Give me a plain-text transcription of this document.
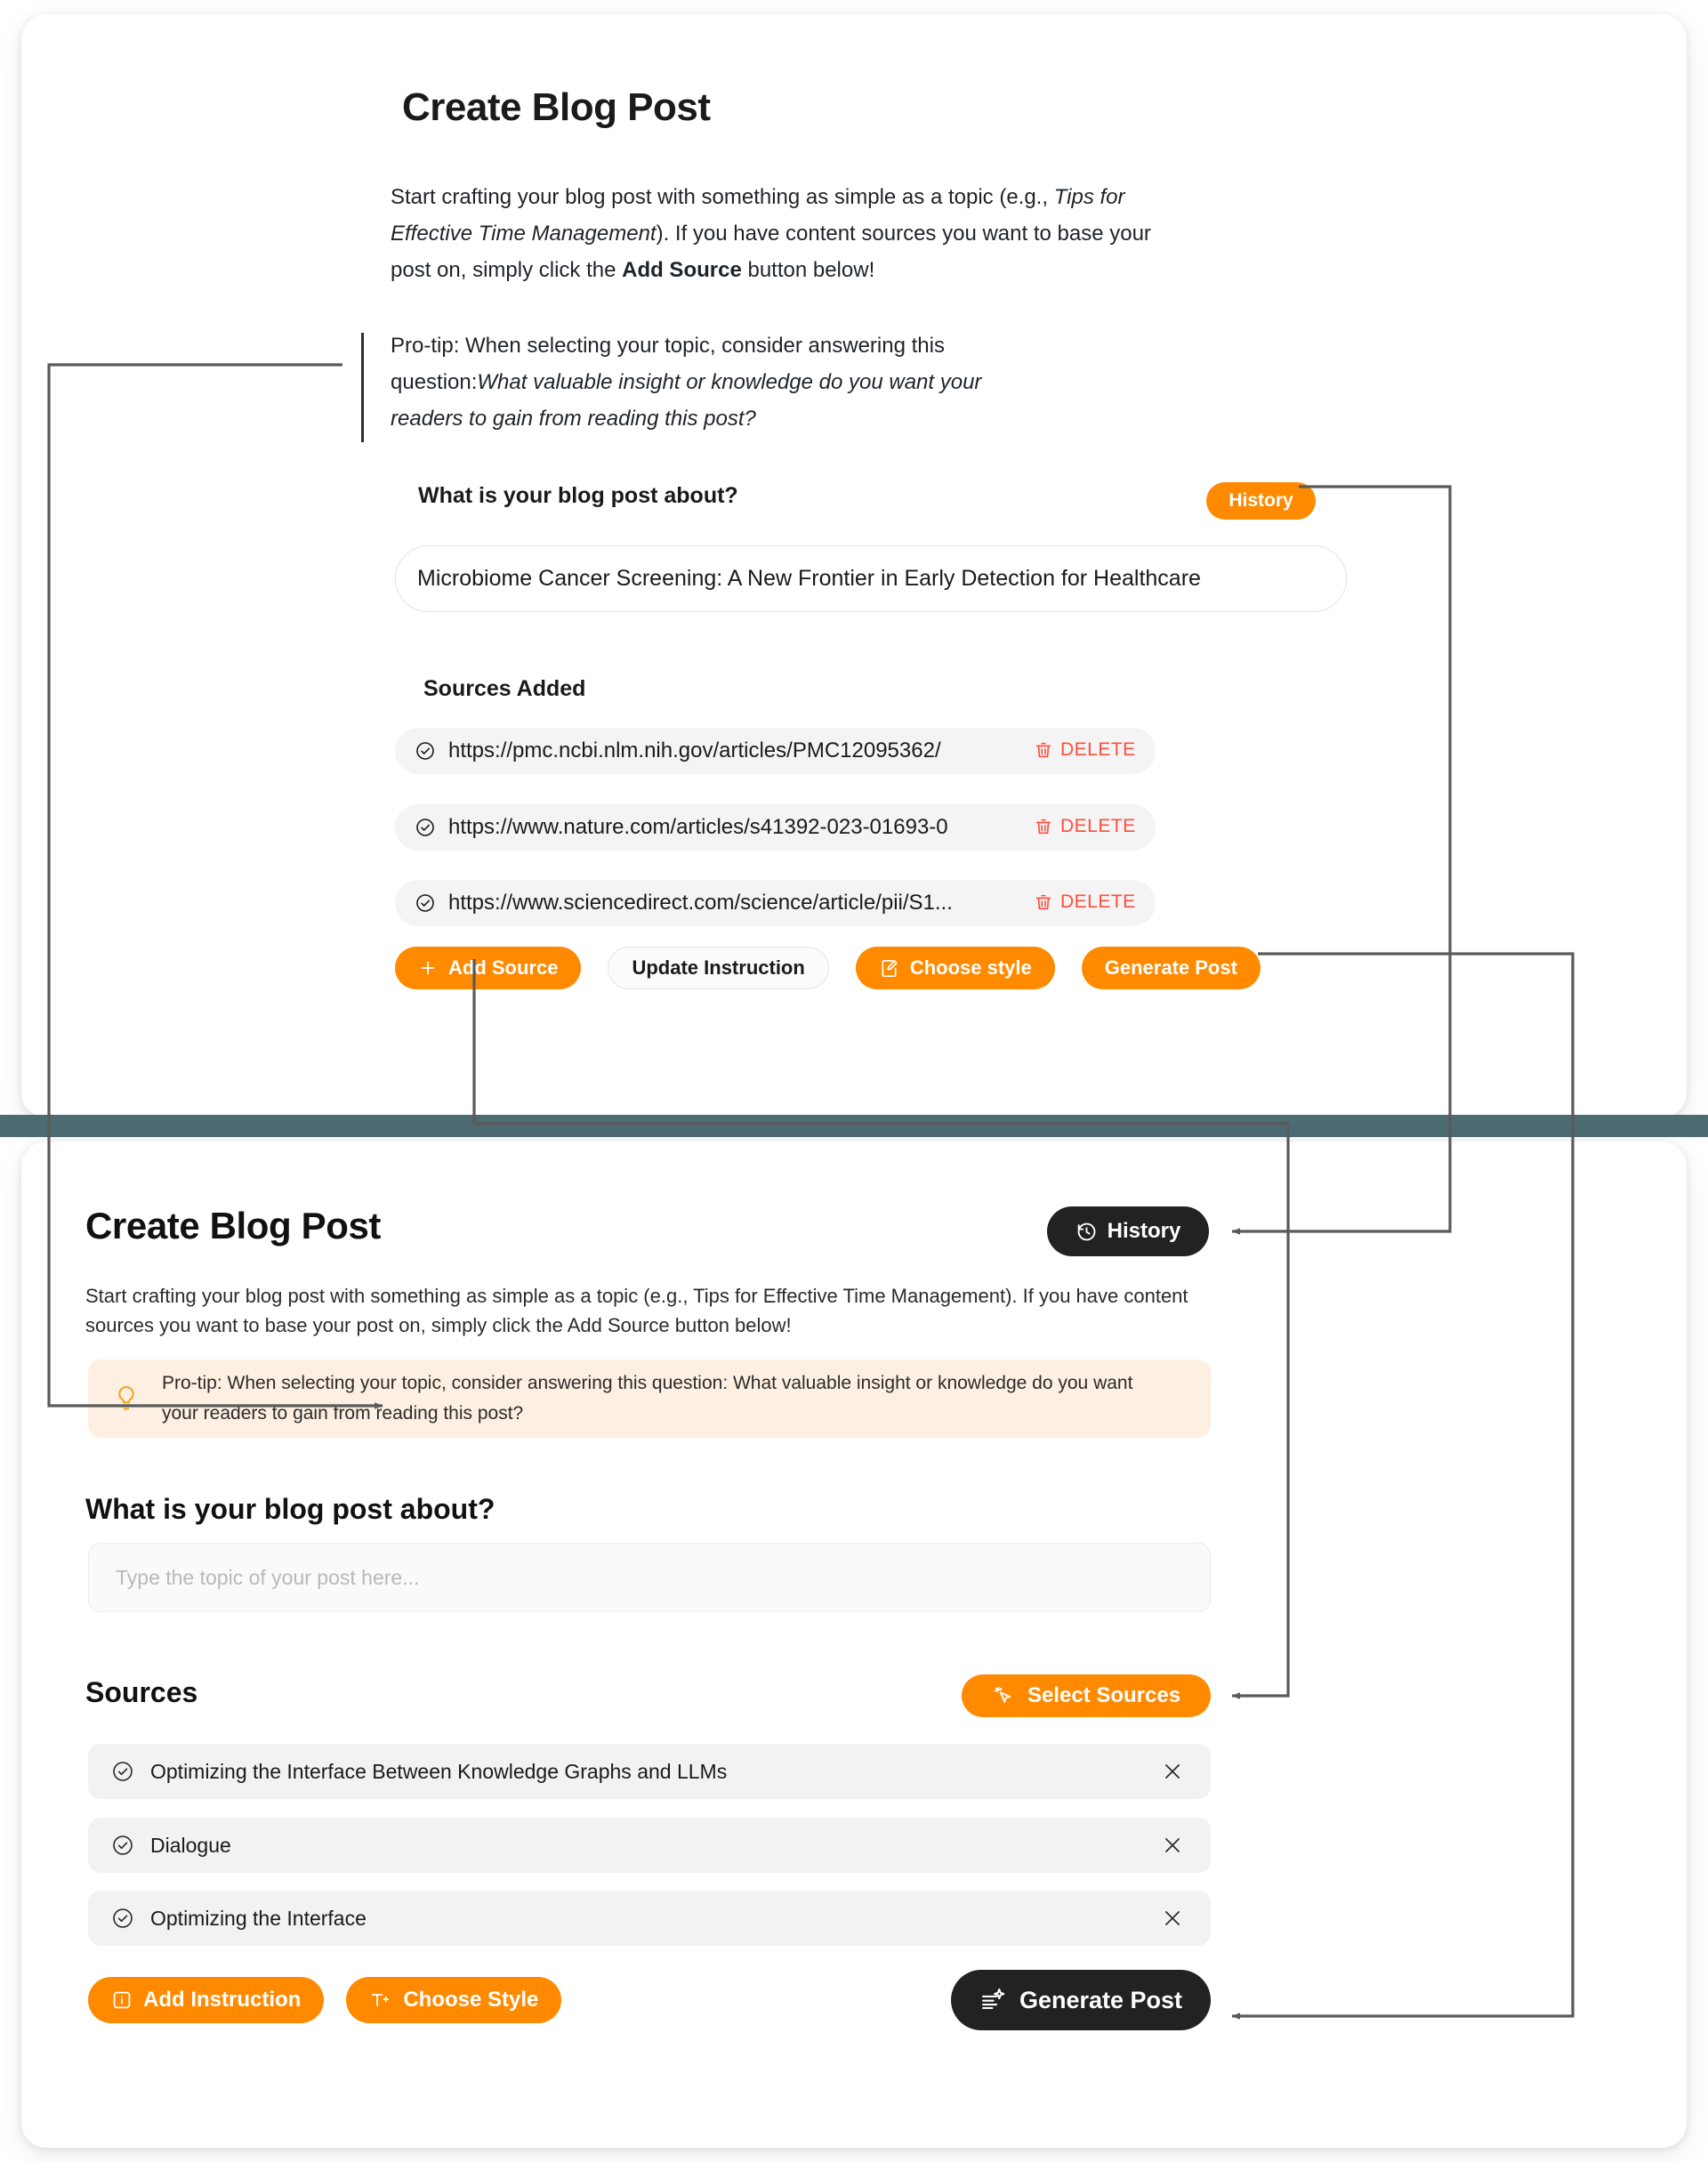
Create Blog Post
Start crafting your blog post with something as simple as a topic (e.g., Tips for Effective Time Management). If you have content sources you want to base your post on, simply click the Add Source button below!
Pro-tip: When selecting your topic, consider answering this question:What valuable insight or knowledge do you want your readers to gain from reading this post?
What is your blog post about?	History
Microbiome Cancer Screening: A New Frontier in Early Detection for Healthcare
Sources Added
https://pmc.ncbi.nlm.nih.gov/articles/PMC12095362/	DELETE
https://www.nature.com/articles/s41392-023-01693-0	DELETE
https://www.sciencedirect.com/science/article/pii/S1...	DELETE
Add Source	Update Instruction	Choose style	Generate Post
Create Blog Post	History
Start crafting your blog post with something as simple as a topic (e.g., Tips for Effective Time Management). If you have content sources you want to base your post on, simply click the Add Source button below!
Pro-tip: When selecting your topic, consider answering this question: What valuable insight or knowledge do you want your readers to gain from reading this post?
What is your blog post about?
Type the topic of your post here...
Sources	Select Sources
Optimizing the Interface Between Knowledge Graphs and LLMs
Dialogue
Optimizing the Interface
Add Instruction	Choose Style	Generate Post
